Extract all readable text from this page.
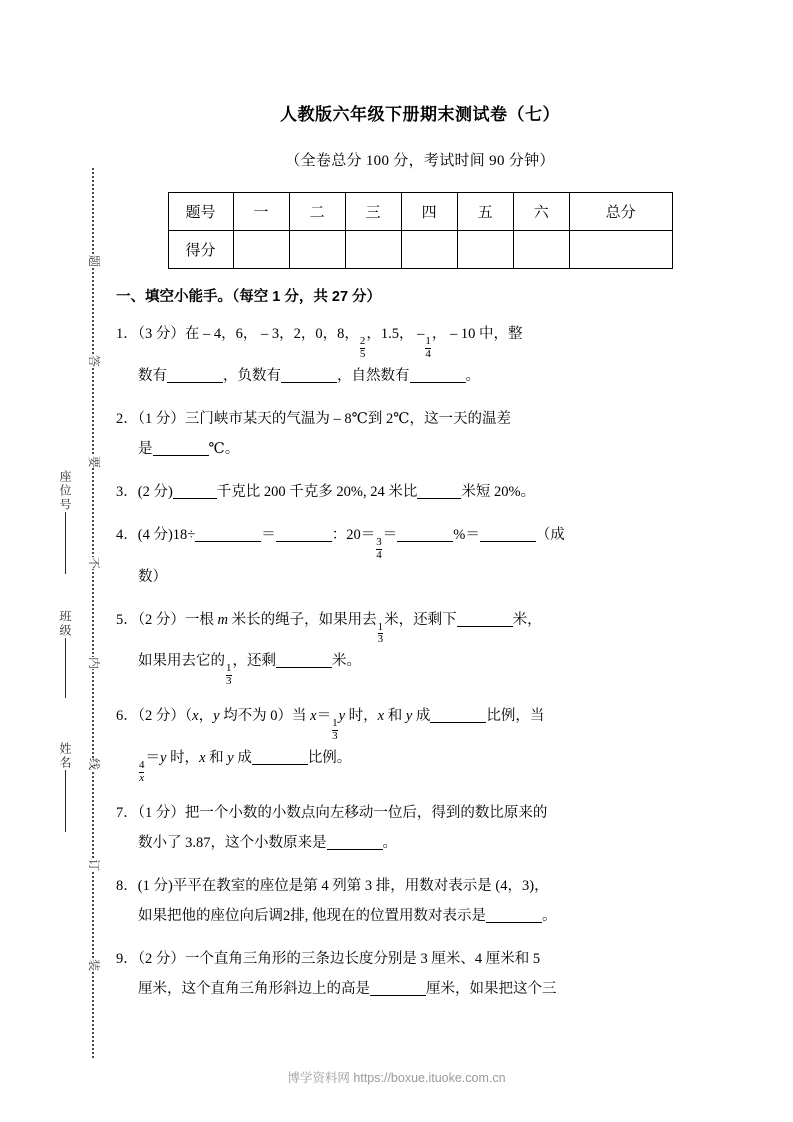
题
答
要
不
内
线
订
装
座位号
班级
姓名
人教版六年级下册期末测试卷（七）

（全卷总分 100 分，考试时间 90 分钟）

题号	一	二	三	四	五	六	总分
得分							
一、填空小能手。（每空 1 分，共 27 分）
1．（3 分）在 – 4，6， – 3，2，0，8，
$\frac{2}{5}$
，1.5， –
$\frac{1}{4}$
， – 10 中，整
数有	，负数有	，自然数有	。
2．（1 分）三门峡市某天的气温为 – 8℃到 2℃，这一天的温差
是	℃。
3．(2 分)	千克比 200 千克多 20%, 24 米比	米短 20%。
4．(4 分)18÷	＝	：20＝
$\frac{3}{4}$
＝	%＝	（成
数）
5．（2 分）一根 m 米长的绳子，如果用去
$\frac{1}{3}$
米，还剩下	米，
如果用去它的
$\frac{1}{3}$
，还剩	米。
6．（2 分）（x，y 均不为 0）当 x＝
$\frac{1}{3}$
y 时，x 和 y 成	比例，当
$\frac{4}{x}$
＝y 时，x 和 y 成	比例。
7．（1 分）把一个小数的小数点向左移动一位后，得到的数比原来的
数小了 3.87，这个小数原来是	。
8．(1 分)平平在教室的座位是第 4 列第 3 排，用数对表示是 (4，3)，
如果把他的座位向后调2排, 他现在的位置用数对表示是	。
9．（2 分）一个直角三角形的三条边长度分别是 3 厘米、4 厘米和 5
厘米，这个直角三角形斜边上的高是	厘米，如果把这个三
博学资料网 https://boxue.ituoke.com.cn
